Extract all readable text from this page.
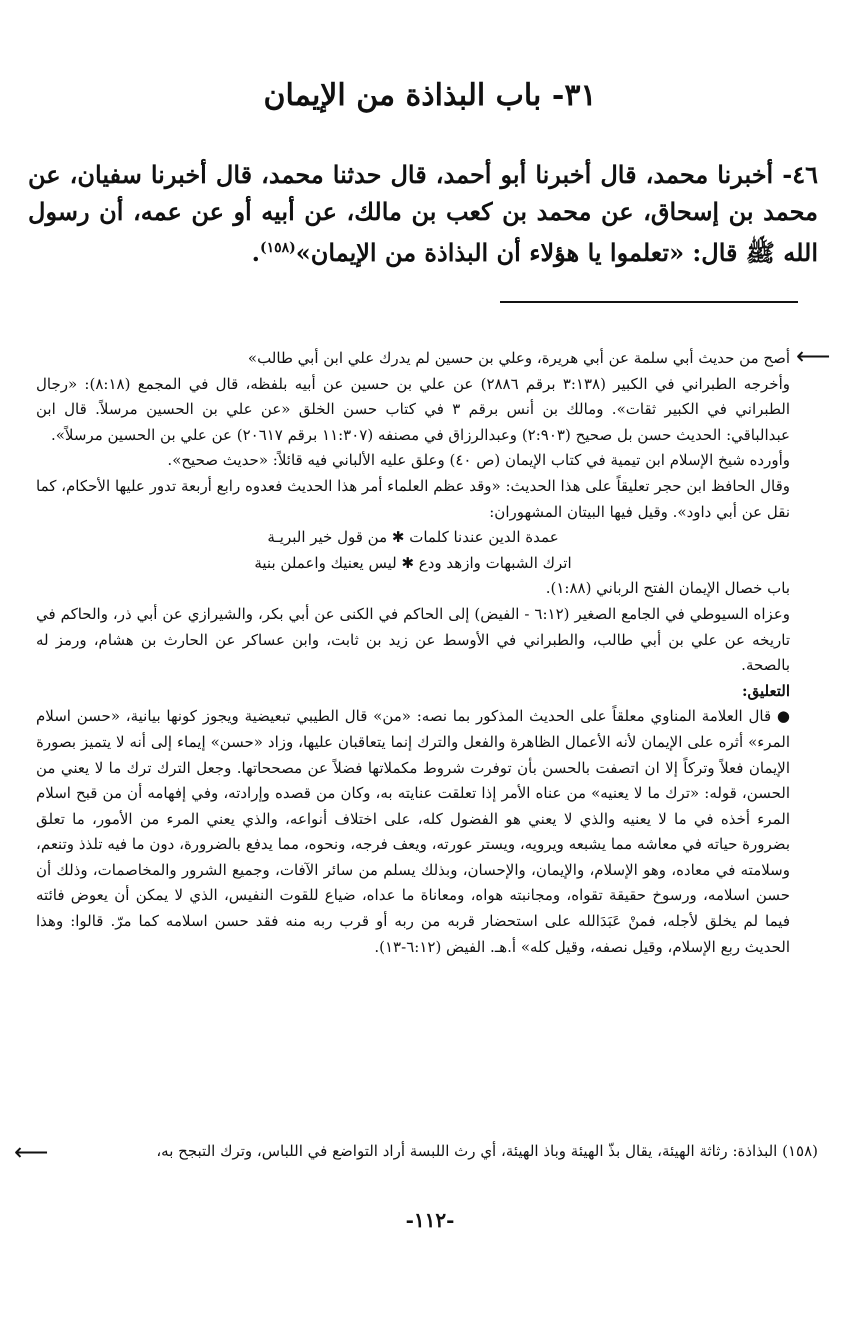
٣١- باب البذاذة من الإيمان

٤٦- أخبرنا محمد، قال أخبرنا أبو أحمد، قال حدثنا محمد، قال أخبرنا سفيان، عن محمد بن إسحاق، عن محمد بن كعب بن مالك، عن أبيه أو عن عمه، أن رسول الله ﷺ قال: «تعلموا يا هؤلاء أن البذاذة من الإيمان»$^{(١٥٨)}$.

⟵

أصح من حديث أبي سلمة عن أبي هريرة، وعلي بن حسين لم يدرك علي ابن أبي طالب»

وأخرجه الطبراني في الكبير (٣:١٣٨ برقم ٢٨٨٦) عن علي بن حسين عن أبيه بلفظه، قال في المجمع (٨:١٨): «رجال الطبراني في الكبير ثقات». ومالك بن أنس برقم ٣ في كتاب حسن الخلق «عن علي بن الحسين مرسلاً. قال ابن عبدالباقي: الحديث حسن بل صحيح (٢:٩٠٣) وعبدالرزاق في مصنفه (١١:٣٠٧ برقم ٢٠٦١٧) عن علي بن الحسين مرسلاً».

وأورده شيخ الإسلام ابن تيمية في كتاب الإيمان (ص ٤٠) وعلق عليه الألباني فيه قائلاً: «حديث صحيح».

وقال الحافظ ابن حجر تعليقاً على هذا الحديث: «وقد عظم العلماء أمر هذا الحديث فعدوه رابع أربعة تدور عليها الأحكام، كما نقل عن أبي داود». وقيل فيها البيتان المشهوران:

عمدة الدين عندنا كلمات ✱ من قول خير البريـة

اترك الشبهات وازهد ودع ✱ ليس يعنيك واعملن بنية

باب خصال الإيمان الفتح الرباني (١:٨٨).

وعزاه السيوطي في الجامع الصغير (٦:١٢ - الفيض) إلى الحاكم في الكنى عن أبي بكر، والشيرازي عن أبي ذر، والحاكم في تاريخه عن علي بن أبي طالب، والطبراني في الأوسط عن زيد بن ثابت، وابن عساكر عن الحارث بن هشام، ورمز له بالصحة.

التعليق:

● قال العلامة المناوي معلقاً على الحديث المذكور بما نصه: «من» قال الطيبي تبعيضية ويجوز كونها بيانية، «حسن اسلام المرء» أثره على الإيمان لأنه الأعمال الظاهرة والفعل والترك إنما يتعاقبان عليها، وزاد «حسن» إيماء إلى أنه لا يتميز بصورة الإيمان فعلاً وتركاً إلا ان اتصفت بالحسن بأن توفرت شروط مكملاتها فضلاً عن مصححاتها. وجعل الترك ترك ما لا يعني من الحسن، قوله: «ترك ما لا يعنيه» من عناه الأمر إذا تعلقت عنايته به، وكان من قصده وإرادته، وفي إفهامه أن من قبح اسلام المرء أخذه في ما لا يعنيه والذي لا يعني هو الفضول كله، على اختلاف أنواعه، والذي يعني المرء من الأمور، ما تعلق بضرورة حياته في معاشه مما يشبعه ويرويه، ويستر عورته، ويعف فرجه، ونحوه، مما يدفع بالضرورة، دون ما فيه تلذذ وتنعم، وسلامته في معاده، وهو الإسلام، والإيمان، والإحسان، وبذلك يسلم من سائر الآفات، وجميع الشرور والمخاصمات، وذلك أن حسن اسلامه، ورسوخ حقيقة تقواه، ومجانبته هواه، ومعاناة ما عداه، ضياع للقوت النفيس، الذي لا يمكن أن يعوض فائته فيما لم يخلق لأجله، فمنْ عَبَدَالله على استحضار قربه من ربه أو قرب ربه منه فقد حسن اسلامه كما مرّ. قالوا: وهذا الحديث ربع الإسلام، وقيل نصفه، وقيل كله» أ.هـ. الفيض (٦:١٢-١٣).

(١٥٨) البذاذة: رثاثة الهيئة، يقال بذّ الهيئة وباذ الهيئة، أي رث اللبسة أراد التواضع في اللباس، وترك التبجح به،

⟵

-١١٢-
